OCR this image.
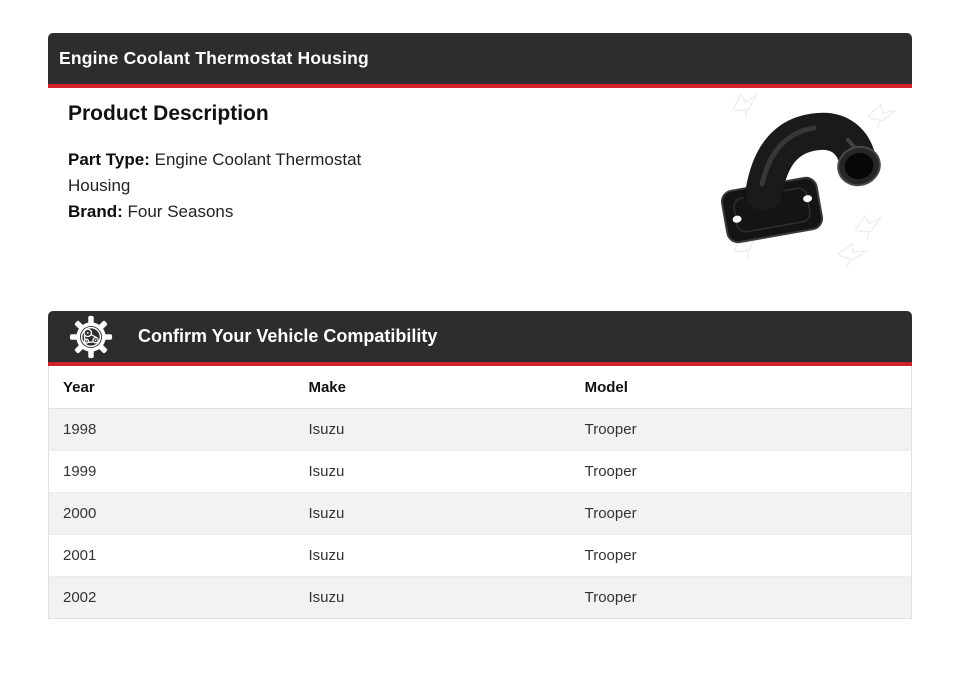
Engine Coolant Thermostat Housing
Product Description

Part Type: Engine Coolant Thermostat Housing
Brand: Four Seasons

Confirm Your Vehicle Compatibility
Year	Make	Model
1998	Isuzu	Trooper
1999	Isuzu	Trooper
2000	Isuzu	Trooper
2001	Isuzu	Trooper
2002	Isuzu	Trooper
